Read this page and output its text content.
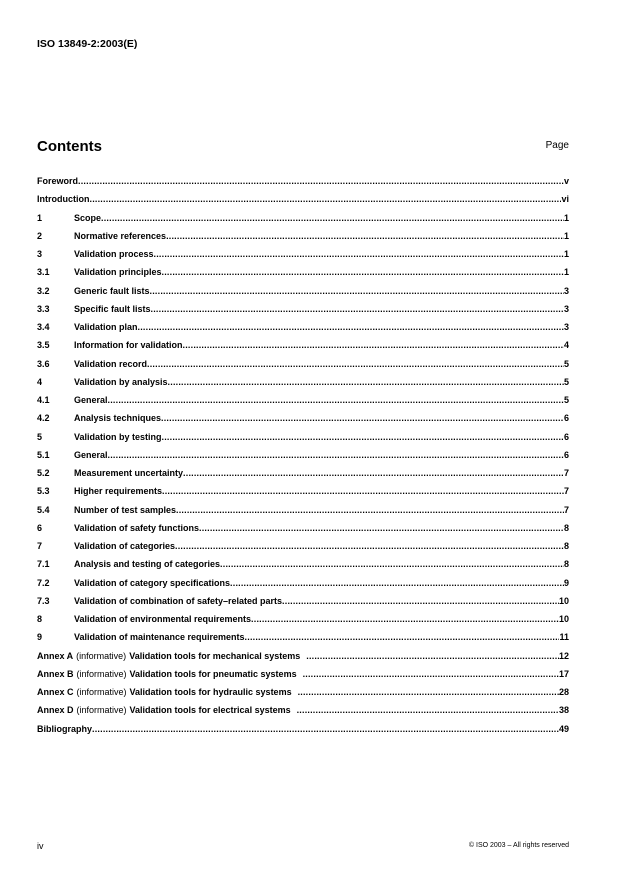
ISO 13849-2:2003(E)
Contents	Page
Foreword .....	v
Introduction .....	vi
1	Scope .....	1
2	Normative references .....	1
3	Validation process .....	1
3.1	Validation principles .....	1
3.2	Generic fault lists .....	3
3.3	Specific fault lists .....	3
3.4	Validation plan .....	3
3.5	Information for validation .....	4
3.6	Validation record .....	5
4	Validation by analysis .....	5
4.1	General .....	5
4.2	Analysis techniques .....	6
5	Validation by testing .....	6
5.1	General .....	6
5.2	Measurement uncertainty .....	7
5.3	Higher requirements .....	7
5.4	Number of test samples .....	7
6	Validation of safety functions .....	8
7	Validation of categories .....	8
7.1	Analysis and testing of categories .....	8
7.2	Validation of category specifications .....	9
7.3	Validation of combination of safety–related parts .....	10
8	Validation of environmental requirements .....	10
9	Validation of maintenance requirements .....	11
Annex A (informative) Validation tools for mechanical systems .....	12
Annex B (informative) Validation tools for pneumatic systems .....	17
Annex C (informative) Validation tools for hydraulic systems .....	28
Annex D (informative) Validation tools for electrical systems .....	38
Bibliography .....	49
iv	© ISO 2003 – All rights reserved
